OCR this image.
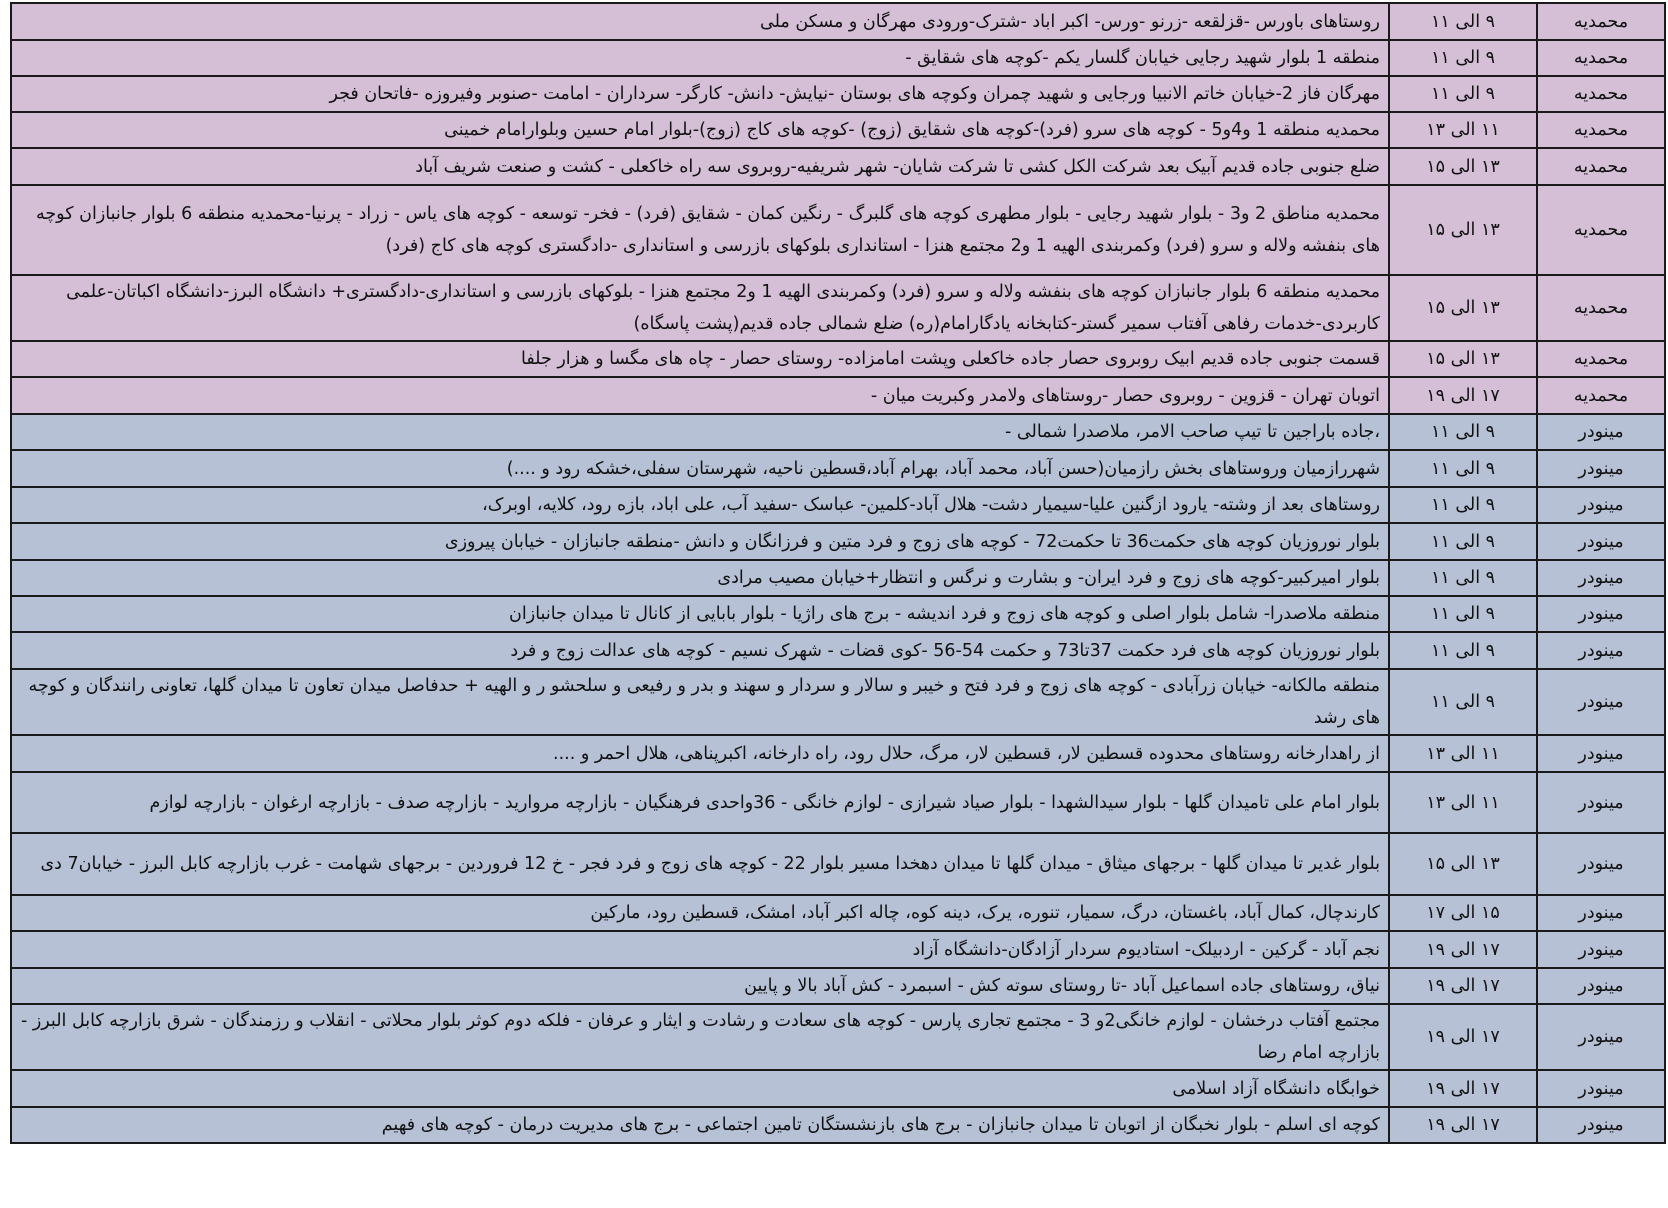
محمدیه	۹ الی ۱۱	روستاهای باورس -قزلقعه -زرنو -ورس- اکبر اباد -شترک-ورودی مهرگان و مسکن ملی
محمدیه	۹ الی ۱۱	منطقه 1 بلوار شهید رجایی خیابان گلسار یکم -کوچه های شقایق -
محمدیه	۹ الی ۱۱	مهرگان فاز 2-خیابان خاتم الانبیا ورجایی و شهید چمران وکوچه های بوستان -نیایش- دانش- کارگر- سرداران - امامت -صنوبر وفیروزه -فاتحان فجر
محمدیه	۱۱ الی ۱۳	محمدیه منطقه 1 و4و5 - کوچه های سرو (فرد)-کوچه های شقایق (زوج) -کوچه های کاج (زوج)-بلوار امام حسین وبلوارامام خمینی
محمدیه	۱۳ الی ۱۵	ضلع جنوبی جاده قدیم آبیک بعد شرکت الکل کشی تا شرکت شایان- شهر شریفیه-روبروی سه راه خاکعلی - کشت و صنعت شریف آباد
محمدیه	۱۳ الی ۱۵	محمدیه مناطق 2 و3 - بلوار شهید رجایی - بلوار مطهری کوچه های گلبرگ - رنگین کمان - شقایق (فرد) - فخر- توسعه - کوچه های یاس - زراد - پرنیا-محمدیه منطقه 6 بلوار جانبازان کوچه های بنفشه ولاله و سرو (فرد) وکمربندی الهیه 1 و2 مجتمع هنزا - استانداری بلوکهای بازرسی و استانداری -دادگستری کوچه های کاج (فرد)
محمدیه	۱۳ الی ۱۵	محمدیه منطقه 6 بلوار جانبازان کوچه های بنفشه ولاله و سرو (فرد) وکمربندی الهیه 1 و2 مجتمع هنزا - بلوکهای بازرسی و استانداری-دادگستری+ دانشگاه البرز-دانشگاه اکباتان-علمی کاربردی-خدمات رفاهی آفتاب سمیر گستر-کتابخانه یادگارامام(ره) ضلع شمالی جاده قدیم(پشت پاسگاه)
محمدیه	۱۳ الی ۱۵	قسمت جنوبی جاده قدیم ابیک روبروی حصار جاده خاکعلی وپشت امامزاده- روستای حصار - چاه های مگسا و هزار جلفا
محمدیه	۱۷ الی ۱۹	اتوبان تهران - قزوین - روبروی حصار -روستاهای ولامدر وکبریت میان -
مینودر	۹ الی ۱۱	،جاده باراجین تا تیپ صاحب الامر، ملاصدرا شمالی -
مینودر	۹ الی ۱۱	شهررازمیان وروستاهای بخش رازمیان(حسن آباد، محمد آباد، بهرام آباد،قسطین ناحیه، شهرستان سفلی،خشکه رود و ....)
مینودر	۹ الی ۱۱	روستاهای بعد از وشته- یارود ازگنین علیا-سیمیار دشت- هلال آباد-کلمین- عباسک -سفید آب، علی اباد، بازه رود، کلایه، اوبرک،
مینودر	۹ الی ۱۱	بلوار نوروزیان کوچه های حکمت36 تا حکمت72 - کوچه های زوج و فرد متین و فرزانگان و دانش -منطقه جانبازان - خیابان پیروزی
مینودر	۹ الی ۱۱	بلوار امیرکبیر-کوچه های زوج و فرد ایران- و بشارت و نرگس و انتظار+خیابان مصیب مرادی
مینودر	۹ الی ۱۱	منطقه ملاصدرا- شامل بلوار اصلی و کوچه های زوج و فرد اندیشه - برج های راژیا - بلوار بابایی از کانال تا میدان جانبازان
مینودر	۹ الی ۱۱	بلوار نوروزیان کوچه های فرد حکمت 37تا73 و حکمت 54-56 -کوی قضات - شهرک نسیم - کوچه های عدالت زوج و فرد
مینودر	۹ الی ۱۱	منطقه مالکانه- خیابان زرآبادی - کوچه های زوج و فرد فتح و خیبر و سالار و سردار و سهند و بدر و رفیعی و سلحشو ر و الهیه + حدفاصل میدان تعاون تا میدان گلها، تعاونی رانندگان و کوچه های رشد
مینودر	۱۱ الی ۱۳	از راهدارخانه روستاهای محدوده قسطین لار، قسطین لار، مرگ، حلال رود، راه دارخانه، اکبرپناهی، هلال احمر و ....
مینودر	۱۱ الی ۱۳	بلوار امام علی تامیدان گلها - بلوار سیدالشهدا - بلوار صیاد شیرازی - لوازم خانگی - 36واحدی فرهنگیان - بازارچه مروارید - بازارچه صدف - بازارچه ارغوان - بازارچه لوازم
مینودر	۱۳ الی ۱۵	بلوار غدیر تا میدان گلها - برجهای میثاق - میدان گلها تا میدان دهخدا مسیر بلوار 22 - کوچه های زوج و فرد فجر - خ 12 فروردین - برجهای شهامت - غرب بازارچه کابل البرز - خیابان7 دی
مینودر	۱۵ الی ۱۷	کارندچال، کمال آباد، باغستان، درگ، سمیار، تنوره، یرک، دینه کوه، چاله اکبر آباد، امشک، قسطین رود، مارکین
مینودر	۱۷ الی ۱۹	نجم آباد - گرکین - اردبیلک- استادیوم سردار آزادگان-دانشگاه آزاد
مینودر	۱۷ الی ۱۹	نیاق، روستاهای جاده اسماعیل آباد -تا روستای سوته کش - اسبمرد - کش آباد بالا و پایین
مینودر	۱۷ الی ۱۹	مجتمع آفتاب درخشان - لوازم خانگی2و 3 - مجتمع تجاری پارس - کوچه های سعادت و رشادت و ایثار و عرفان - فلکه دوم کوثر بلوار محلاتی - انقلاب و رزمندگان - شرق بازارچه کابل البرز - بازارچه امام رضا
مینودر	۱۷ الی ۱۹	خوابگاه دانشگاه آزاد اسلامی
مینودر	۱۷ الی ۱۹	کوچه ای اسلم - بلوار نخبگان از اتوبان تا میدان جانبازان - برج های بازنشستگان تامین اجتماعی - برج های مدیریت درمان - کوچه های فهیم
